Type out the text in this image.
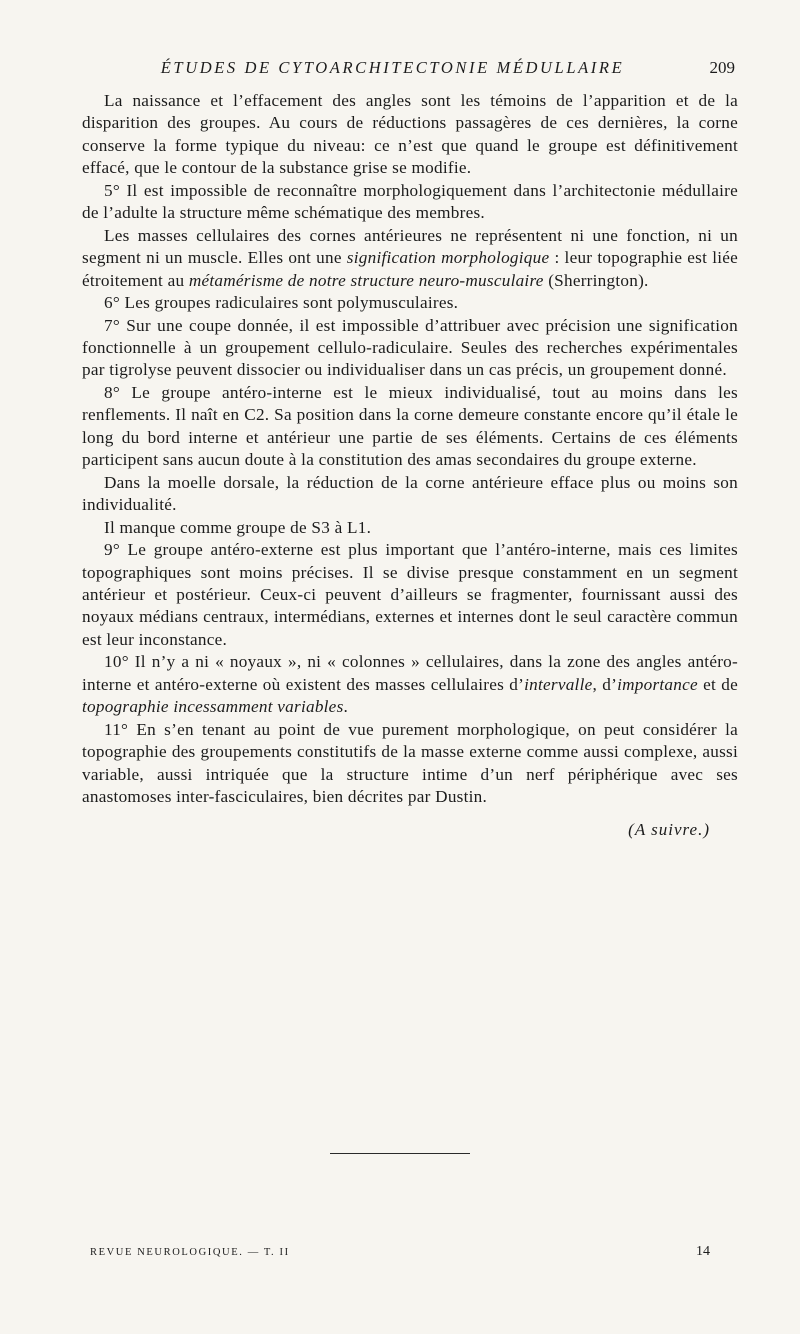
ÉTUDES DE CYTOARCHITECTONIE MÉDULLAIRE	209

La naissance et l’effacement des angles sont les témoins de l’apparition et de la disparition des groupes. Au cours de réductions passagères de ces dernières, la corne conserve la forme typique du niveau: ce n’est que quand le groupe est définitivement effacé, que le contour de la substance grise se modifie.

5° Il est impossible de reconnaître morphologiquement dans l’architectonie médullaire de l’adulte la structure même schématique des membres.

Les masses cellulaires des cornes antérieures ne représentent ni une fonction, ni un segment ni un muscle. Elles ont une signification morphologique : leur topographie est liée étroitement au métamérisme de notre structure neuro-musculaire (Sherrington).

6° Les groupes radiculaires sont polymusculaires.

7° Sur une coupe donnée, il est impossible d’attribuer avec précision une signification fonctionnelle à un groupement cellulo-radiculaire. Seules des recherches expérimentales par tigrolyse peuvent dissocier ou individualiser dans un cas précis, un groupement donné.

8° Le groupe antéro-interne est le mieux individualisé, tout au moins dans les renflements. Il naît en C2. Sa position dans la corne demeure constante encore qu’il étale le long du bord interne et antérieur une partie de ses éléments. Certains de ces éléments participent sans aucun doute à la constitution des amas secondaires du groupe externe.

Dans la moelle dorsale, la réduction de la corne antérieure efface plus ou moins son individualité.

Il manque comme groupe de S3 à L1.

9° Le groupe antéro-externe est plus important que l’antéro-interne, mais ces limites topographiques sont moins précises. Il se divise presque constamment en un segment antérieur et postérieur. Ceux-ci peuvent d’ailleurs se fragmenter, fournissant aussi des noyaux médians centraux, intermédians, externes et internes dont le seul caractère commun est leur inconstance.

10° Il n’y a ni « noyaux », ni « colonnes » cellulaires, dans la zone des angles antéro-interne et antéro-externe où existent des masses cellulaires d’intervalle, d’importance et de topographie incessamment variables.

11° En s’en tenant au point de vue purement morphologique, on peut considérer la topographie des groupements constitutifs de la masse externe comme aussi complexe, aussi variable, aussi intriquée que la structure intime d’un nerf périphérique avec ses anastomoses inter-fasciculaires, bien décrites par Dustin.

(A suivre.)
REVUE NEUROLOGIQUE. — T. II	14
